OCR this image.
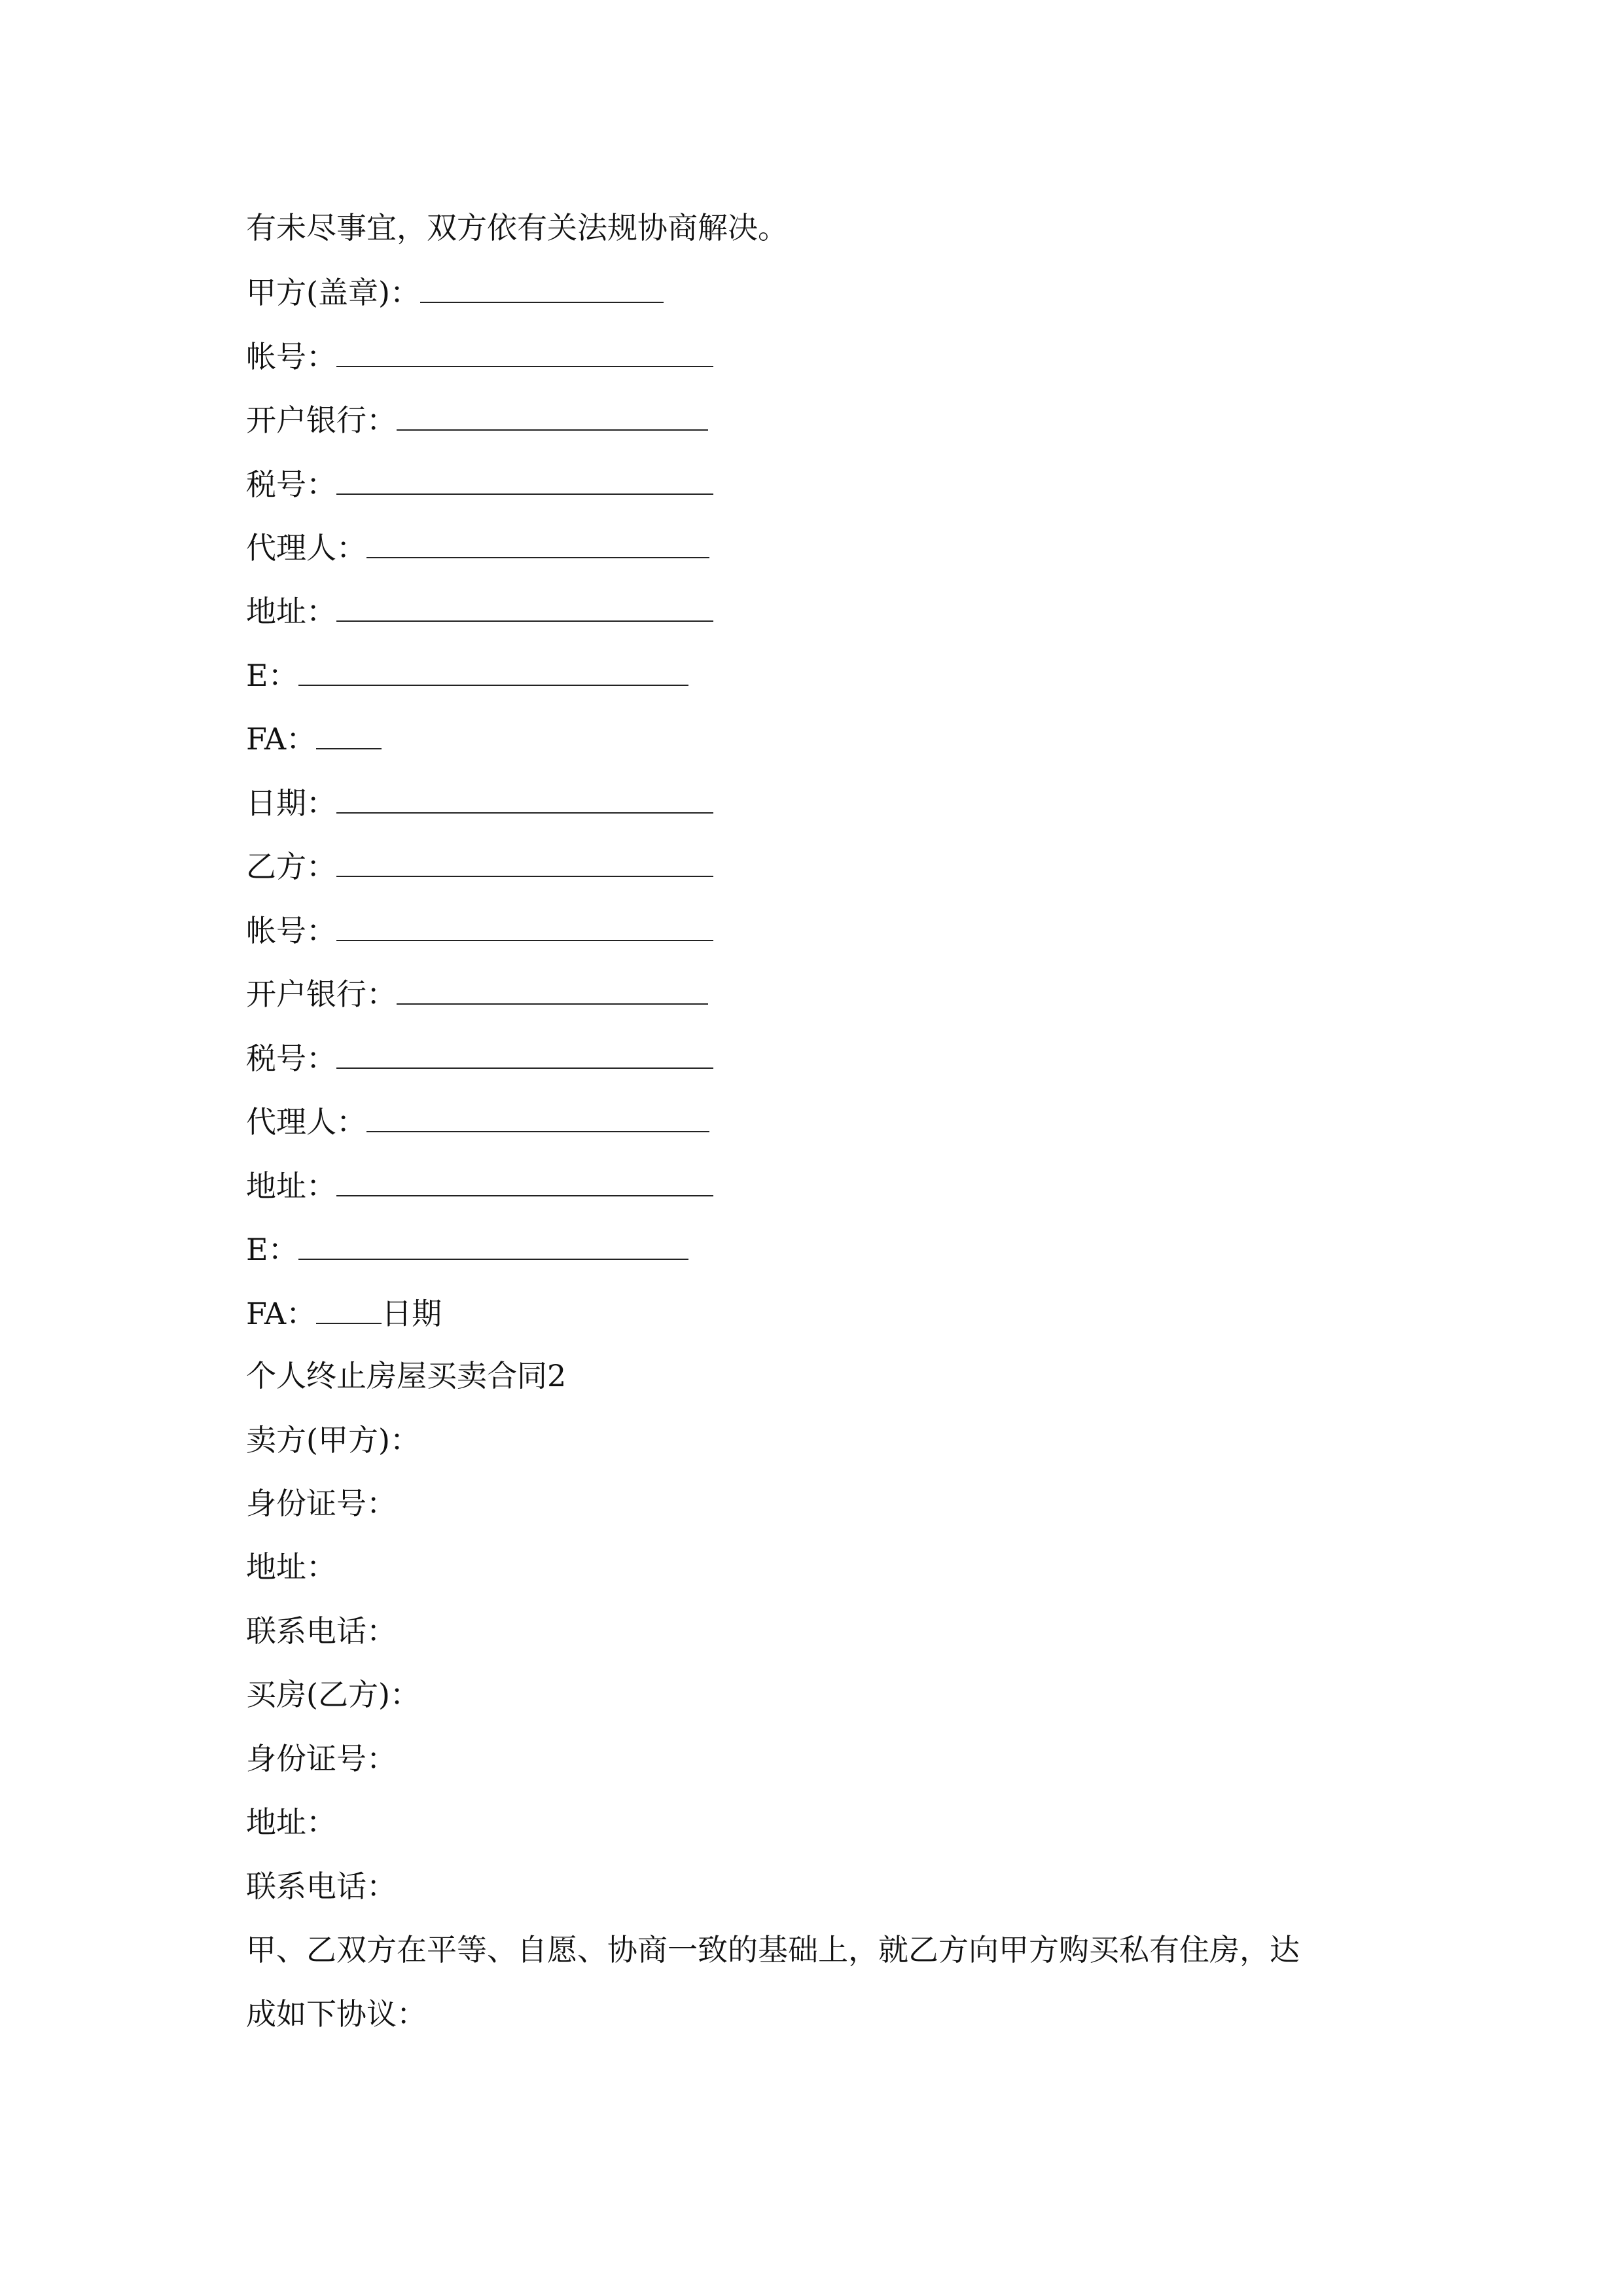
有未尽事宜，双方依有关法规协商解决。
甲方(盖章)：
帐号：
开户银行：
税号：
代理人：
地址：
E：
FA：
日期：
乙方：
帐号：
开户银行：
税号：
代理人：
地址：
E：
FA： 日期
个人终止房屋买卖合同2
卖方(甲方)：
身份证号：
地址：
联系电话：
买房(乙方)：
身份证号：
地址：
联系电话：
甲、乙双方在平等、自愿、协商一致的基础上，就乙方向甲方购买私有住房，达
成如下协议：
